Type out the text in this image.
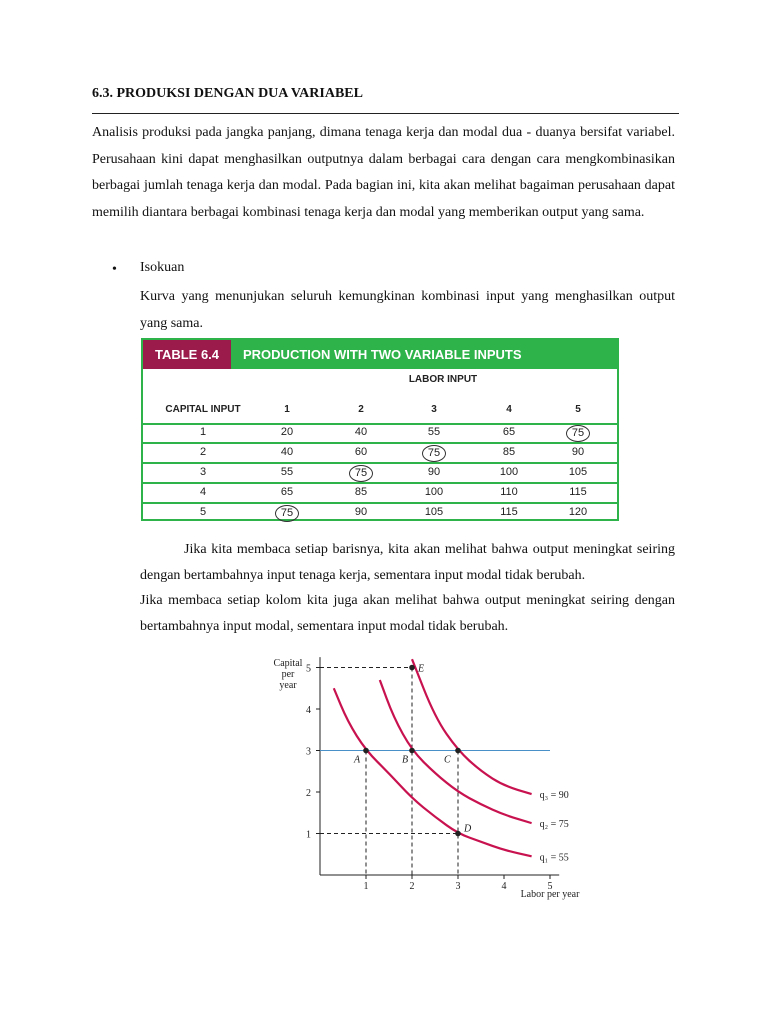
6.3. PRODUKSI DENGAN DUA VARIABEL
Analisis produksi pada jangka panjang, dimana tenaga kerja dan modal dua - duanya bersifat variabel. Perusahaan kini dapat menghasilkan outputnya dalam berbagai cara dengan cara mengkombinasikan berbagai jumlah tenaga kerja dan modal. Pada bagian ini, kita akan melihat bagaiman perusahaan dapat memilih diantara berbagai kombinasi tenaga kerja dan modal yang memberikan output yang sama.
• Isokuan
Kurva yang menunjukan seluruh kemungkinan kombinasi input yang menghasilkan output yang sama.
TABLE 6.4	PRODUCTION WITH TWO VARIABLE INPUTS
LABOR INPUT
CAPITAL INPUT	1	2	3	4	5
1	20	40	55	65	75
2	40	60	75	85	90
3	55	75	90	100	105
4	65	85	100	110	115
5	75	90	105	115	120
Jika kita membaca setiap barisnya, kita akan melihat bahwa output meningkat seiring dengan bertambahnya input tenaga kerja, sementara input modal tidak berubah.
Jika membaca setiap kolom kita juga akan melihat bahwa output meningkat seiring dengan bertambahnya input modal, sementara input modal tidak berubah.
Capital
per
year
Labor per year
1	2	3	4	5
1
2
3
4
5
q₃ = 90
q₂ = 75
q₁ = 55
A	B	C
D
E
